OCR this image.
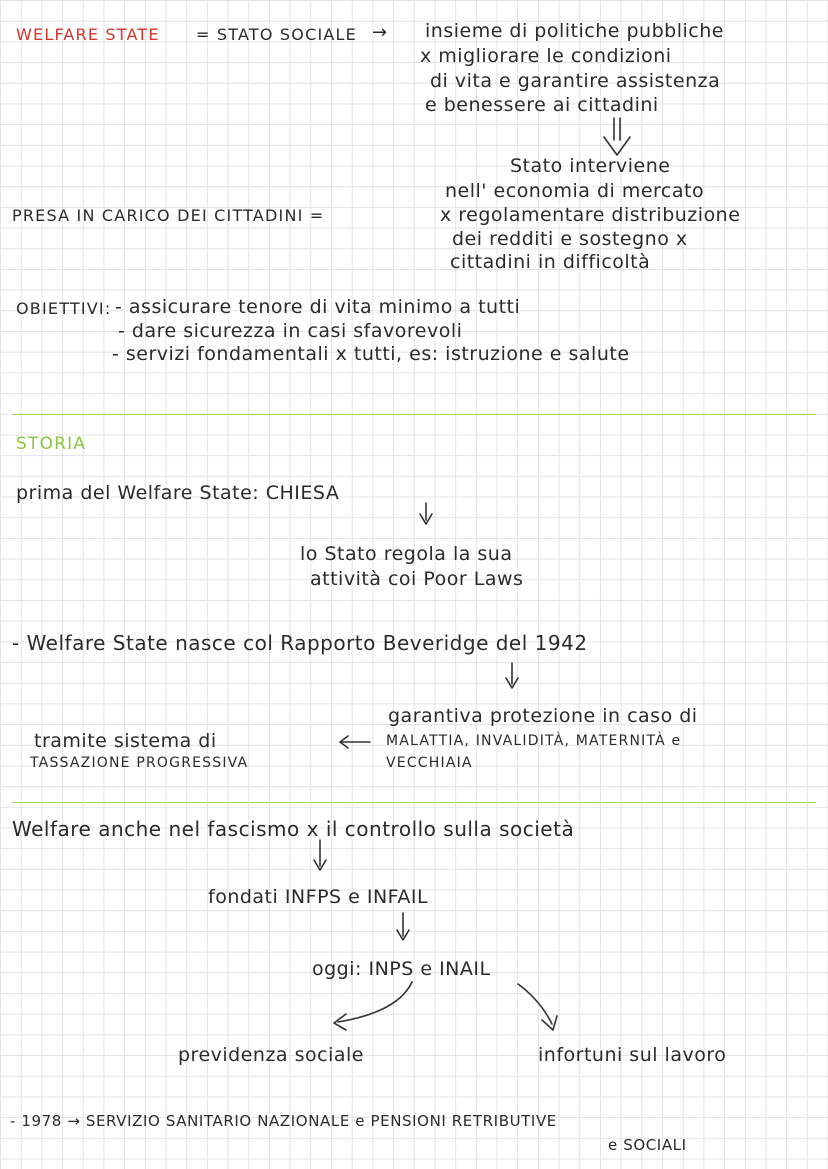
WELFARE STATE = STATO SOCIALE → insieme di politiche pubbliche
x migliorare le condizioni
di vita e garantire assistenza
e benessere ai cittadini
Stato interviene
nell' economia di mercato
PRESA IN CARICO DEI CITTADINI =	x regolamentare distribuzione
dei redditi e sostegno x
cittadini in difficoltà
OBIETTIVI: - assicurare tenore di vita minimo a tutti
- dare sicurezza in casi sfavorevoli
- servizi fondamentali x tutti, es: istruzione e salute
STORIA
prima del Welfare State: CHIESA
lo Stato regola la sua
attività coi Poor Laws
- Welfare State nasce col Rapporto Beveridge del 1942
garantiva protezione in caso di
MALATTIA, INVALIDITÀ, MATERNITÀ e
VECCHIAIA
tramite sistema di
TASSAZIONE PROGRESSIVA
Welfare anche nel fascismo x il controllo sulla società
fondati INFPS e INFAIL
oggi: INPS e INAIL
previdenza sociale	infortuni sul lavoro
- 1978 → SERVIZIO SANITARIO NAZIONALE e PENSIONI RETRIBUTIVE
e SOCIALI
